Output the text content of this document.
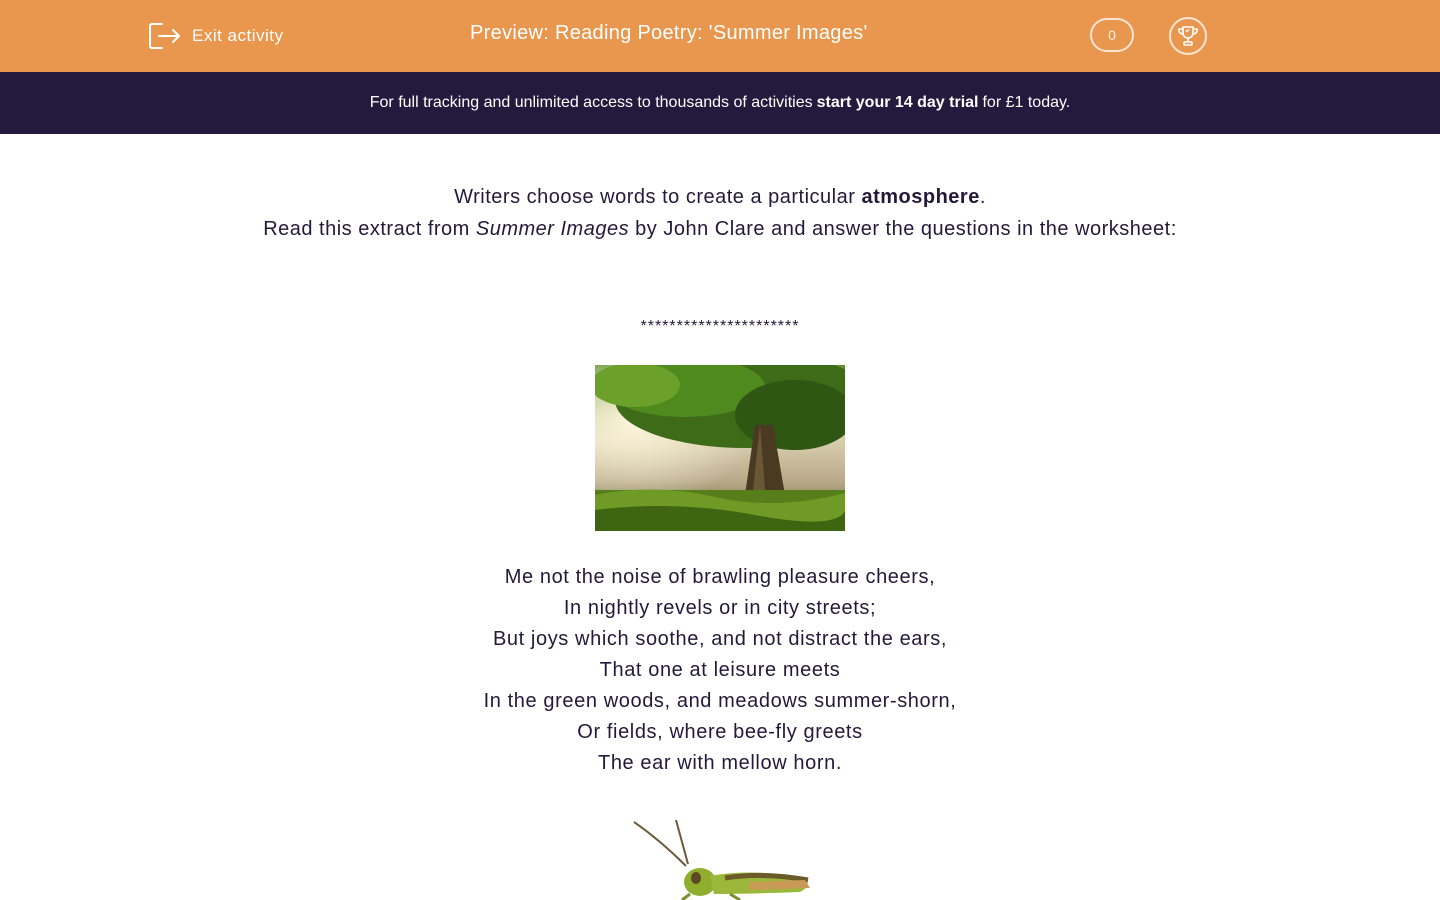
Exit activity	Preview: Reading Poetry: 'Summer Images'	0
For full tracking and unlimited access to thousands of activities start your 14 day trial for £1 today.
Writers choose words to create a particular atmosphere.
Read this extract from Summer Images by John Clare and answer the questions in the worksheet:
**********************
Me not the noise of brawling pleasure cheers,
In nightly revels or in city streets;
But joys which soothe, and not distract the ears,
That one at leisure meets
In the green woods, and meadows summer-shorn,
Or fields, where bee-fly greets
The ear with mellow horn.
